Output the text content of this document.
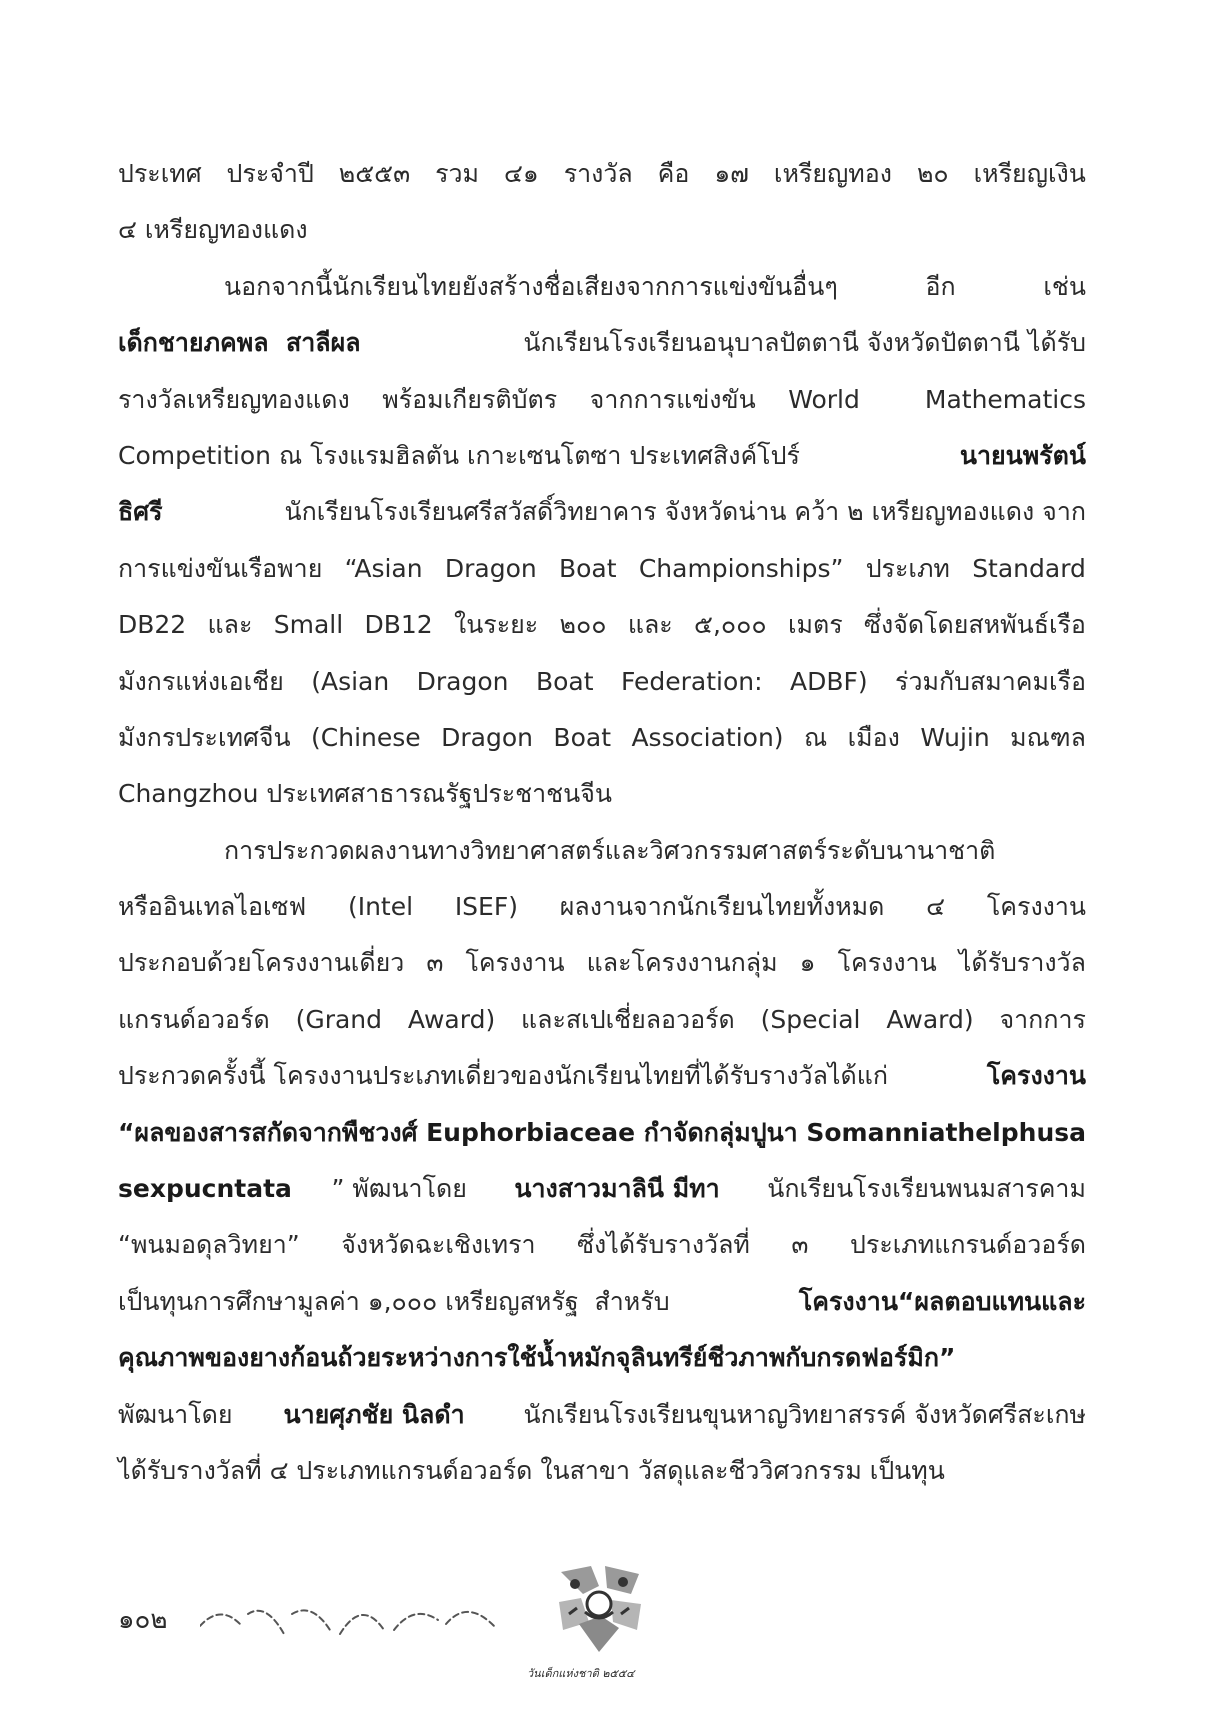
ประเทศ ประจำปี ๒๕๕๓ รวม ๔๑ รางวัล คือ ๑๗ เหรียญทอง ๒๐ เหรียญเงิน
๔ เหรียญทองแดง
นอกจากนี้นักเรียนไทยยังสร้างชื่อเสียงจากการแข่งขันอื่นๆ	อีก	เช่น
เด็กชายภคพล  สาลีผล	นักเรียนโรงเรียนอนุบาลปัตตานี จังหวัดปัตตานี ได้รับ
รางวัลเหรียญทองแดง พร้อมเกียรติบัตร จากการแข่งขัน World	Mathematics
Competition ณ โรงแรมฮิลตัน เกาะเซนโตซา ประเทศสิงค์โปร์	นายนพรัตน์
ธิศรี	นักเรียนโรงเรียนศรีสวัสดิ์วิทยาคาร จังหวัดน่าน คว้า ๒ เหรียญทองแดง จาก
การแข่งขันเรือพาย “Asian Dragon Boat Championships” ประเภท Standard
DB22 และ Small DB12 ในระยะ ๒๐๐ และ ๕,๐๐๐ เมตร ซึ่งจัดโดยสหพันธ์เรือ
มังกรแห่งเอเชีย (Asian Dragon Boat Federation: ADBF) ร่วมกับสมาคมเรือ
มังกรประเทศจีน (Chinese Dragon Boat Association) ณ เมือง Wujin มณฑล
Changzhou ประเทศสาธารณรัฐประชาชนจีน
การประกวดผลงานทางวิทยาศาสตร์และวิศวกรรมศาสตร์ระดับนานาชาติ
หรืออินเทลไอเซฟ (Intel ISEF) ผลงานจากนักเรียนไทยทั้งหมด ๔ โครงงาน
ประกอบด้วยโครงงานเดี่ยว ๓ โครงงาน และโครงงานกลุ่ม ๑ โครงงาน ได้รับรางวัล
แกรนด์อวอร์ด (Grand Award) และสเปเชี่ยลอวอร์ด (Special Award) จากการ
ประกวดครั้งนี้ โครงงานประเภทเดี่ยวของนักเรียนไทยที่ได้รับรางวัลได้แก่	โครงงาน
“ผลของสารสกัดจากพืชวงศ์ Euphorbiaceae กำจัดกลุ่มปูนา Somanniathelphusa
sexpucntata ” พัฒนาโดย นางสาวมาลินี มีทา นักเรียนโรงเรียนพนมสารคาม
“พนมอดุลวิทยา” จังหวัดฉะเชิงเทรา ซึ่งได้รับรางวัลที่ ๓ ประเภทแกรนด์อวอร์ด
เป็นทุนการศึกษามูลค่า ๑,๐๐๐ เหรียญสหรัฐ  สำหรับ	โครงงาน“ผลตอบแทนและ
คุณภาพของยางก้อนถ้วยระหว่างการใช้น้ำหมักจุลินทรีย์ชีวภาพกับกรดฟอร์มิก”
พัฒนาโดย นายศุภชัย นิลดำ นักเรียนโรงเรียนขุนหาญวิทยาสรรค์ จังหวัดศรีสะเกษ
ได้รับรางวัลที่ ๔ ประเภทแกรนด์อวอร์ด ในสาขา วัสดุและชีววิศวกรรม เป็นทุน
๑๐๒
วันเด็กแห่งชาติ ๒๕๕๔
